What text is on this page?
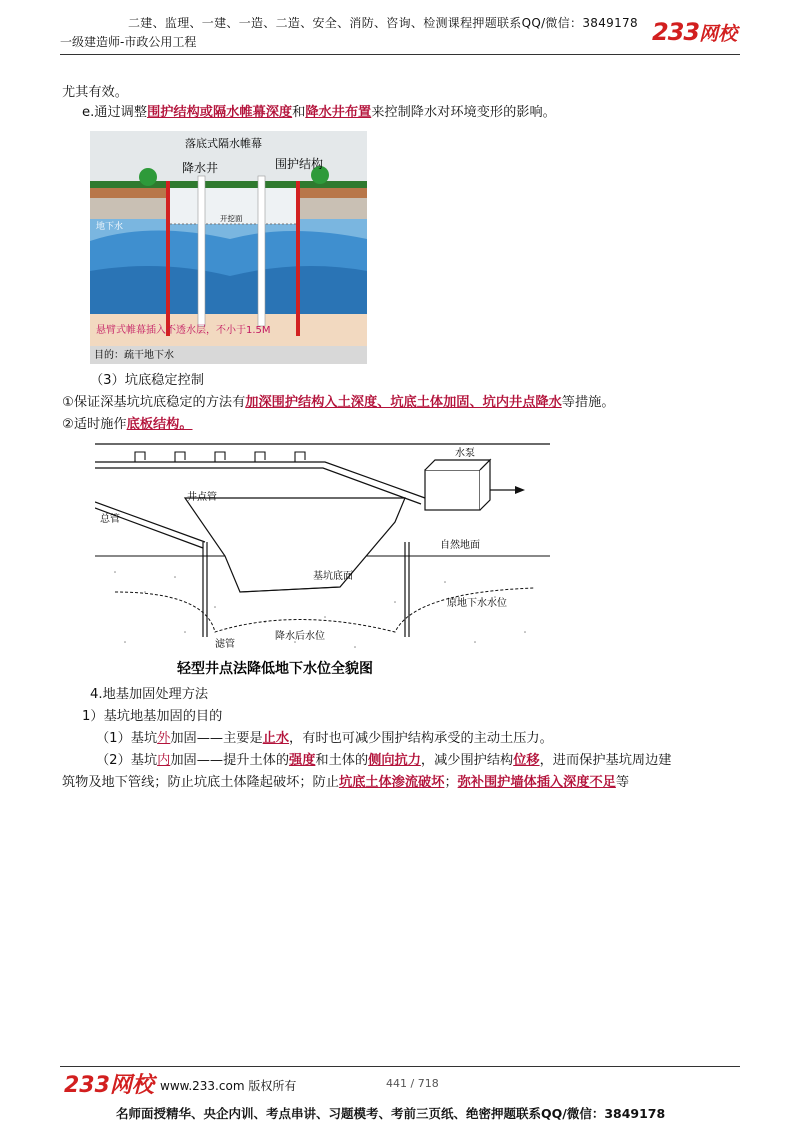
二建、监理、一建、一造、二造、安全、消防、咨询、检测课程押题联系QQ/微信：3849178
一级建造师-市政公用工程	233网校
尤其有效。
e.通过调整围护结构或隔水帷幕深度和降水井布置来控制降水对环境变形的影响。
落底式隔水帷幕
降水井	围护结构
开挖面
地下水
悬臂式帷幕插入不透水层，不小于1.5M
目的：疏干地下水
（3）坑底稳定控制
①保证深基坑坑底稳定的方法有加深围护结构入土深度、坑底土体加固、坑内井点降水等措施。
②适时施作底板结构。
水泵
井点管
总管
自然地面
基坑底面
原地下水水位
滤管
降水后水位
轻型井点法降低地下水位全貌图
4.地基加固处理方法
1）基坑地基加固的目的
（1）基坑外加固——主要是止水，有时也可减少围护结构承受的主动土压力。
（2）基坑内加固——提升土体的强度和土体的侧向抗力，减少围护结构位移，进而保护基坑周边建
筑物及地下管线；防止坑底土体隆起破坏；防止坑底土体渗流破坏；弥补围护墙体插入深度不足等
233网校 www.233.com 版权所有	441 / 718
名师面授精华、央企内训、考点串讲、习题模考、考前三页纸、绝密押题联系QQ/微信：3849178
